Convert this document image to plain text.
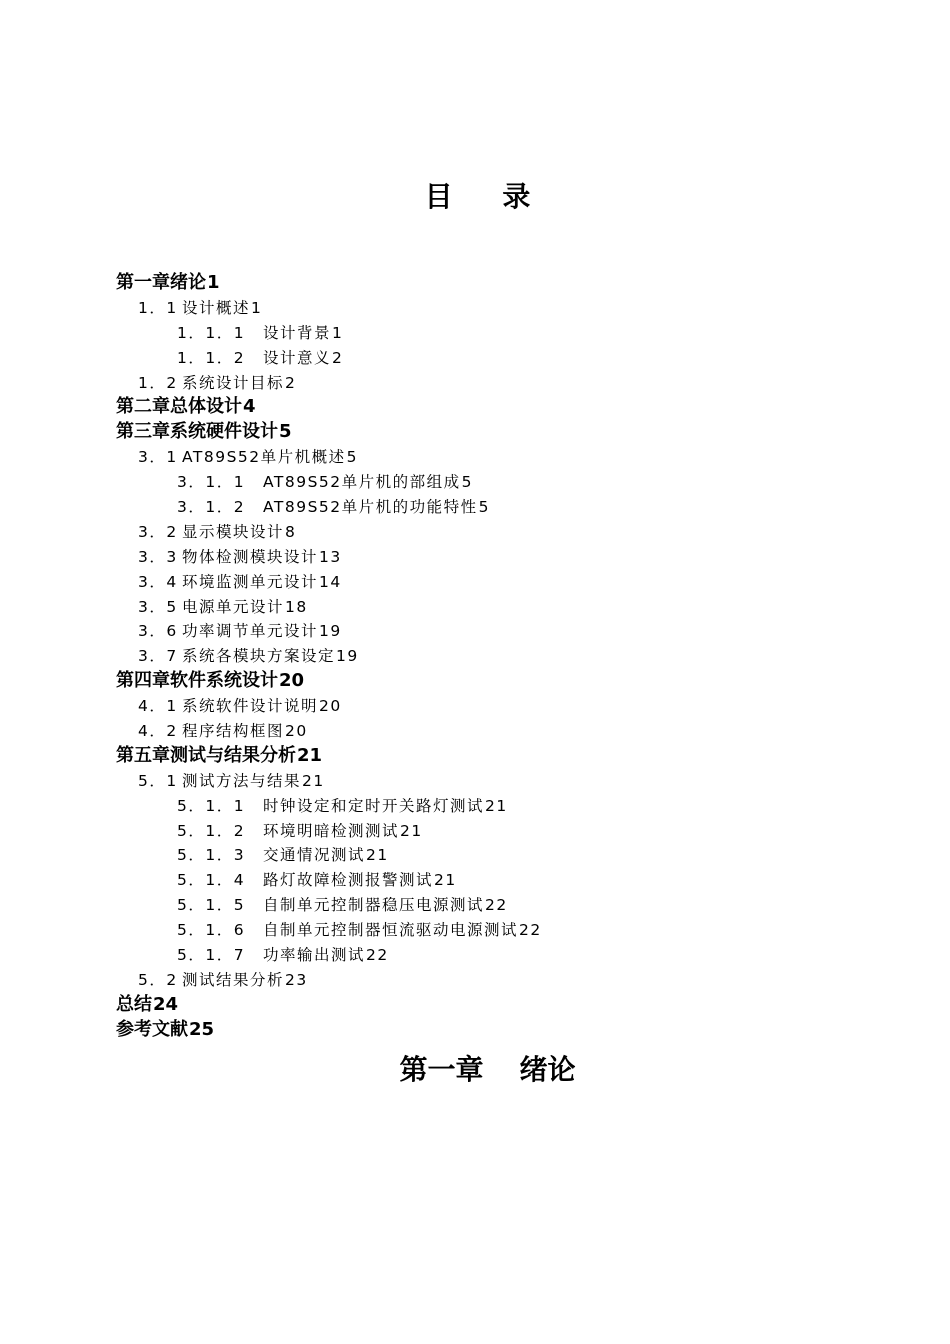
目 录
第一章绪论1
1．1 设计概述1
1．1．1 设计背景1
1．1．2 设计意义2
1．2 系统设计目标2
第二章总体设计4
第三章系统硬件设计5
3．1 AT89S52单片机概述5
3．1．1 AT89S52单片机的部组成5
3．1．2 AT89S52单片机的功能特性5
3．2 显示模块设计8
3．3 物体检测模块设计13
3．4 环境监测单元设计14
3．5 电源单元设计18
3．6 功率调节单元设计19
3．7 系统各模块方案设定19
第四章软件系统设计20
4．1 系统软件设计说明20
4．2 程序结构框图20
第五章测试与结果分析21
5．1 测试方法与结果21
5．1．1 时钟设定和定时开关路灯测试21
5．1．2 环境明暗检测测试21
5．1．3 交通情况测试21
5．1．4 路灯故障检测报警测试21
5．1．5 自制单元控制器稳压电源测试22
5．1．6 自制单元控制器恒流驱动电源测试22
5．1．7 功率输出测试22
5．2 测试结果分析23
总结24
参考文献25
第一章 绪论
